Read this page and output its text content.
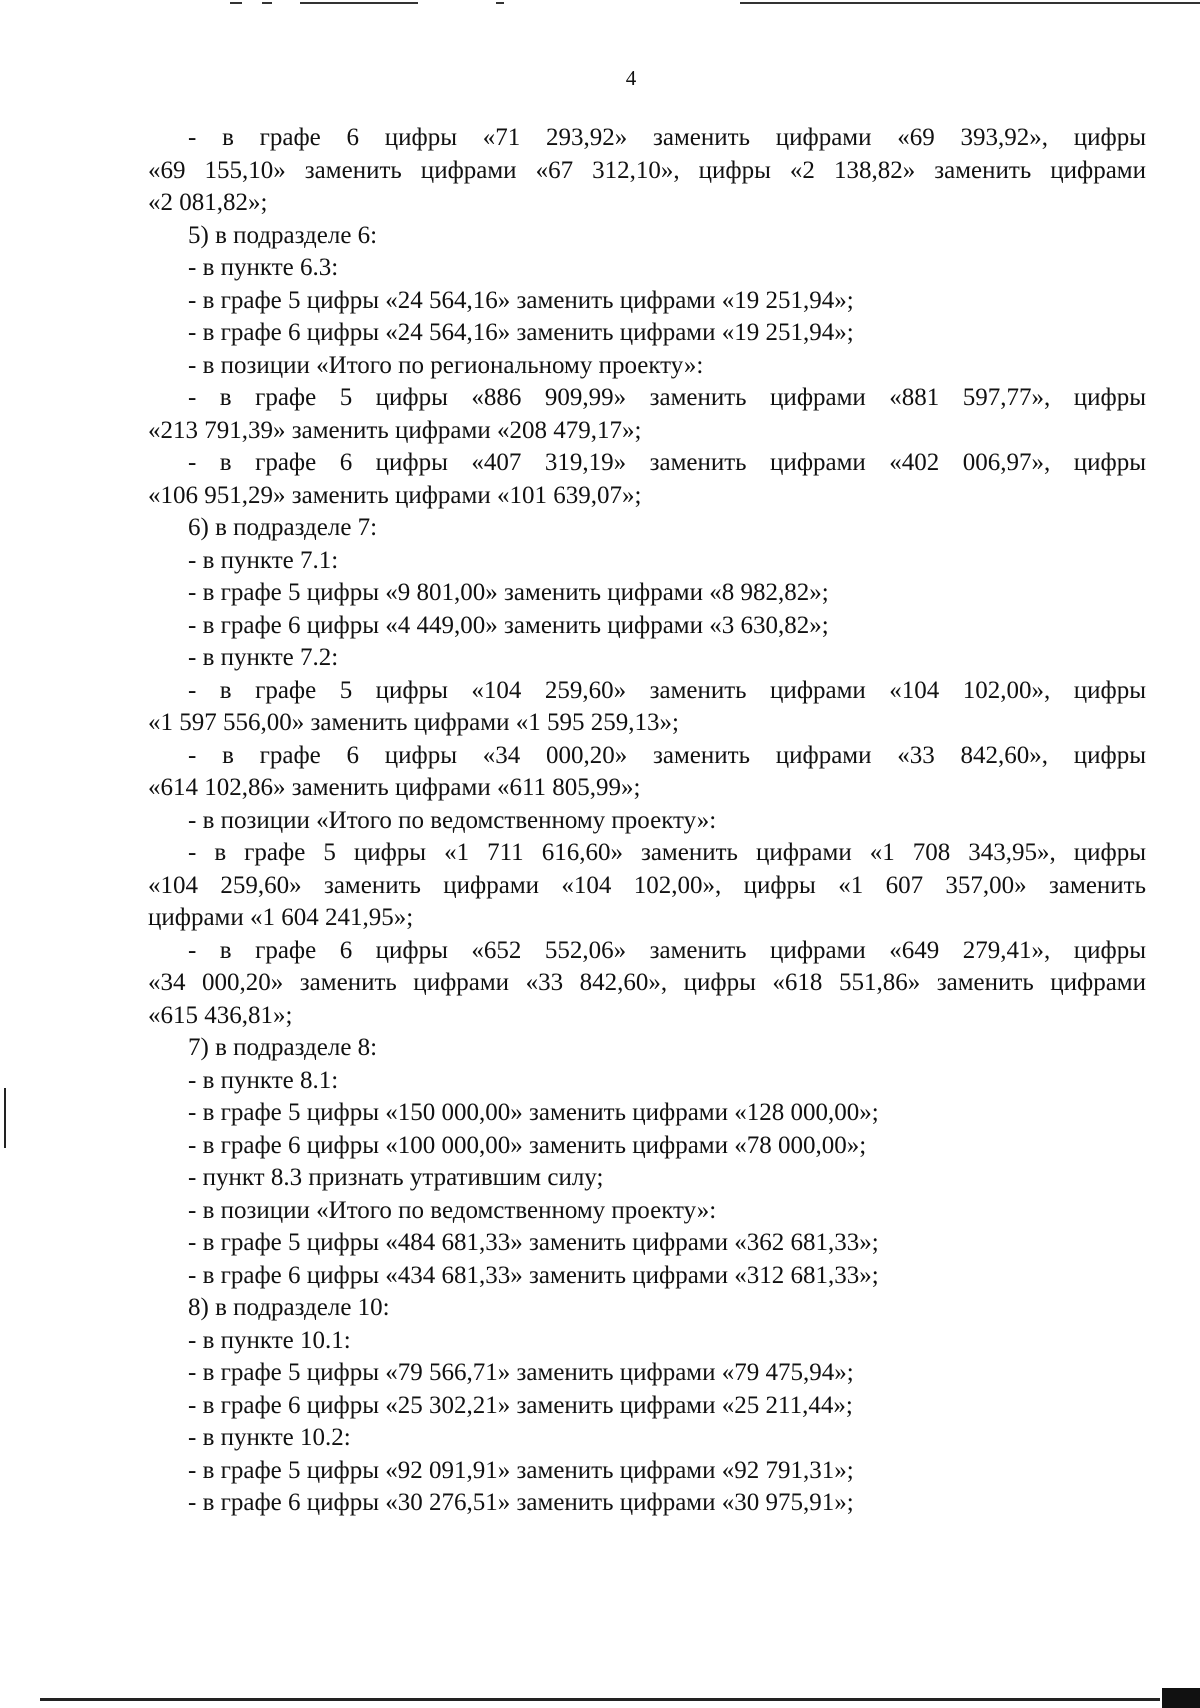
4
- в графе 6 цифры «71 293,92» заменить цифрами «69 393,92», цифры
«69 155,10» заменить цифрами «67 312,10», цифры «2 138,82» заменить цифрами
«2 081,82»;
5) в подразделе 6:
- в пункте 6.3:
- в графе 5 цифры «24 564,16» заменить цифрами «19 251,94»;
- в графе 6 цифры «24 564,16» заменить цифрами «19 251,94»;
- в позиции «Итого по региональному проекту»:
- в графе 5 цифры «886 909,99» заменить цифрами «881 597,77», цифры
«213 791,39» заменить цифрами «208 479,17»;
- в графе 6 цифры «407 319,19» заменить цифрами «402 006,97», цифры
«106 951,29» заменить цифрами «101 639,07»;
6) в подразделе 7:
- в пункте 7.1:
- в графе 5 цифры «9 801,00» заменить цифрами «8 982,82»;
- в графе 6 цифры «4 449,00» заменить цифрами «3 630,82»;
- в пункте 7.2:
- в графе 5 цифры «104 259,60» заменить цифрами «104 102,00», цифры
«1 597 556,00» заменить цифрами «1 595 259,13»;
- в графе 6 цифры «34 000,20» заменить цифрами «33 842,60», цифры
«614 102,86» заменить цифрами «611 805,99»;
- в позиции «Итого по ведомственному проекту»:
- в графе 5 цифры «1 711 616,60» заменить цифрами «1 708 343,95», цифры
«104 259,60» заменить цифрами «104 102,00», цифры «1 607 357,00» заменить
цифрами «1 604 241,95»;
- в графе 6 цифры «652 552,06» заменить цифрами «649 279,41», цифры
«34 000,20» заменить цифрами «33 842,60», цифры «618 551,86» заменить цифрами
«615 436,81»;
7) в подразделе 8:
- в пункте 8.1:
- в графе 5 цифры «150 000,00» заменить цифрами «128 000,00»;
- в графе 6 цифры «100 000,00» заменить цифрами «78 000,00»;
- пункт 8.3 признать утратившим силу;
- в позиции «Итого по ведомственному проекту»:
- в графе 5 цифры «484 681,33» заменить цифрами «362 681,33»;
- в графе 6 цифры «434 681,33» заменить цифрами «312 681,33»;
8) в подразделе 10:
- в пункте 10.1:
- в графе 5 цифры «79 566,71» заменить цифрами «79 475,94»;
- в графе 6 цифры «25 302,21» заменить цифрами «25 211,44»;
- в пункте 10.2:
- в графе 5 цифры «92 091,91» заменить цифрами «92 791,31»;
- в графе 6 цифры «30 276,51» заменить цифрами «30 975,91»;
